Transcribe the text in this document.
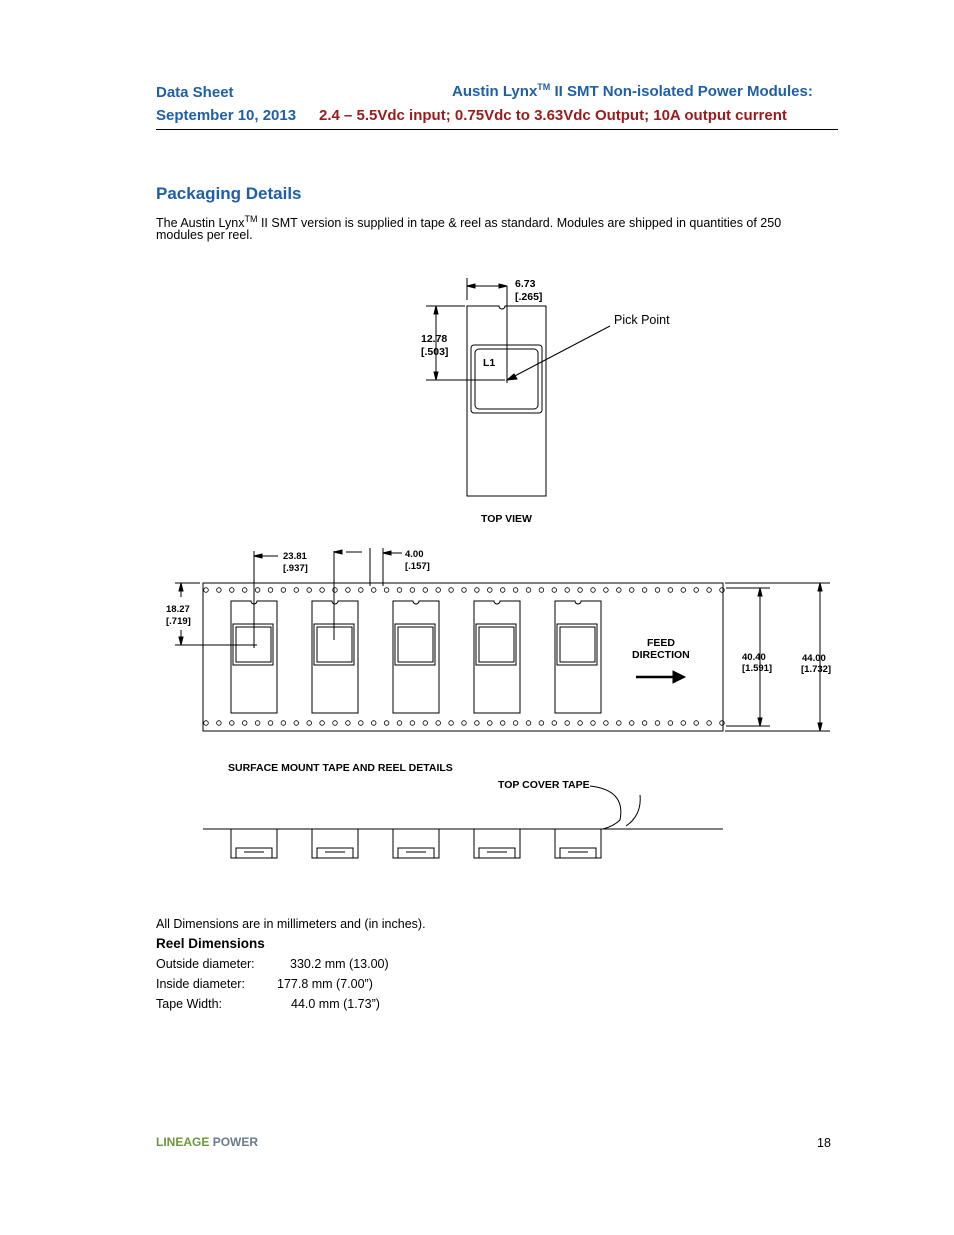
Data Sheet	Austin Lynx™ II SMT Non-isolated Power Modules:
September 10, 2013 2.4 – 5.5Vdc input; 0.75Vdc to 3.63Vdc Output; 10A output current
Packaging Details
The Austin Lynx™ II SMT version is supplied in tape & reel as standard. Modules are shipped in quantities of 250
modules per reel.
6.73
[.265]
12.78
[.503]
L1
TOP VIEW
23.81
[.937]
4.00
[.157]
18.27
[.719]
FEED
DIRECTION	40.40
[1.591]
44.00
[1.732]
SURFACE MOUNT TAPE AND REEL DETAILS
TOP COVER TAPE
Pick Point
All Dimensions are in millimeters and (in inches).
Reel Dimensions
Outside diameter:	330.2 mm (13.00)
Inside diameter:	177.8 mm (7.00”)
Tape Width:	44.0 mm (1.73”)
LINEAGE POWER	18
